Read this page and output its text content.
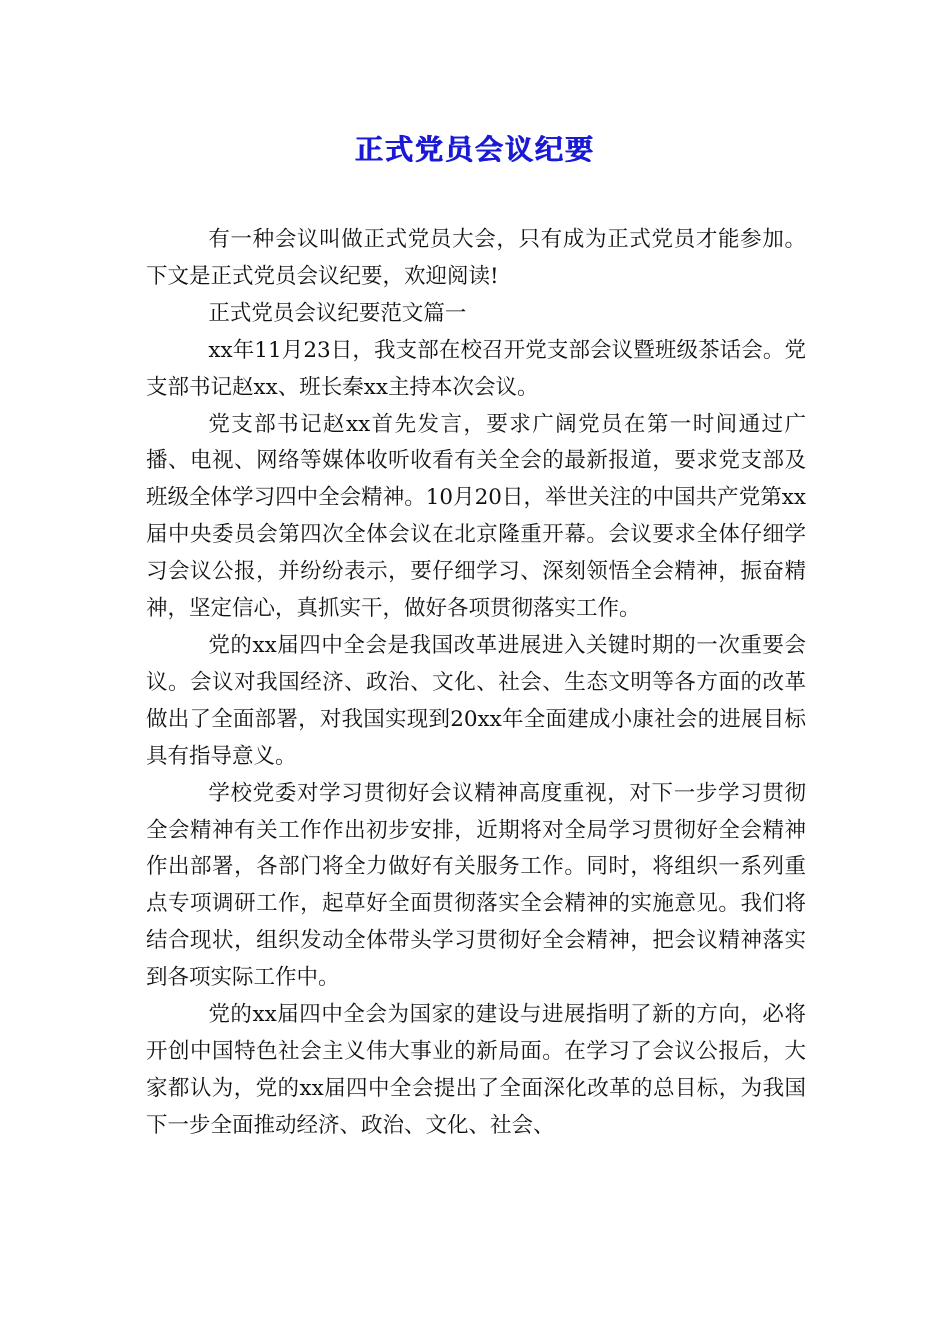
正式党员会议纪要

有一种会议叫做正式党员大会，只有成为正式党员才能参加。下文是正式党员会议纪要，欢迎阅读!

正式党员会议纪要范文篇一

xx年11月23日，我支部在校召开党支部会议暨班级茶话会。党支部书记赵xx、班长秦xx主持本次会议。

党支部书记赵xx首先发言，要求广阔党员在第一时间通过广播、电视、网络等媒体收听收看有关全会的最新报道，要求党支部及班级全体学习四中全会精神。10月20日，举世关注的中国共产党第xx届中央委员会第四次全体会议在北京隆重开幕。会议要求全体仔细学习会议公报，并纷纷表示，要仔细学习、深刻领悟全会精神，振奋精神，坚定信心，真抓实干，做好各项贯彻落实工作。

党的xx届四中全会是我国改革进展进入关键时期的一次重要会议。会议对我国经济、政治、文化、社会、生态文明等各方面的改革做出了全面部署，对我国实现到20xx年全面建成小康社会的进展目标具有指导意义。

学校党委对学习贯彻好会议精神高度重视，对下一步学习贯彻全会精神有关工作作出初步安排，近期将对全局学习贯彻好全会精神作出部署，各部门将全力做好有关服务工作。同时，将组织一系列重点专项调研工作，起草好全面贯彻落实全会精神的实施意见。我们将结合现状，组织发动全体带头学习贯彻好全会精神，把会议精神落实到各项实际工作中。

党的xx届四中全会为国家的建设与进展指明了新的方向，必将开创中国特色社会主义伟大事业的新局面。在学习了会议公报后，大家都认为，党的xx届四中全会提出了全面深化改革的总目标，为我国下一步全面推动经济、政治、文化、社会、
